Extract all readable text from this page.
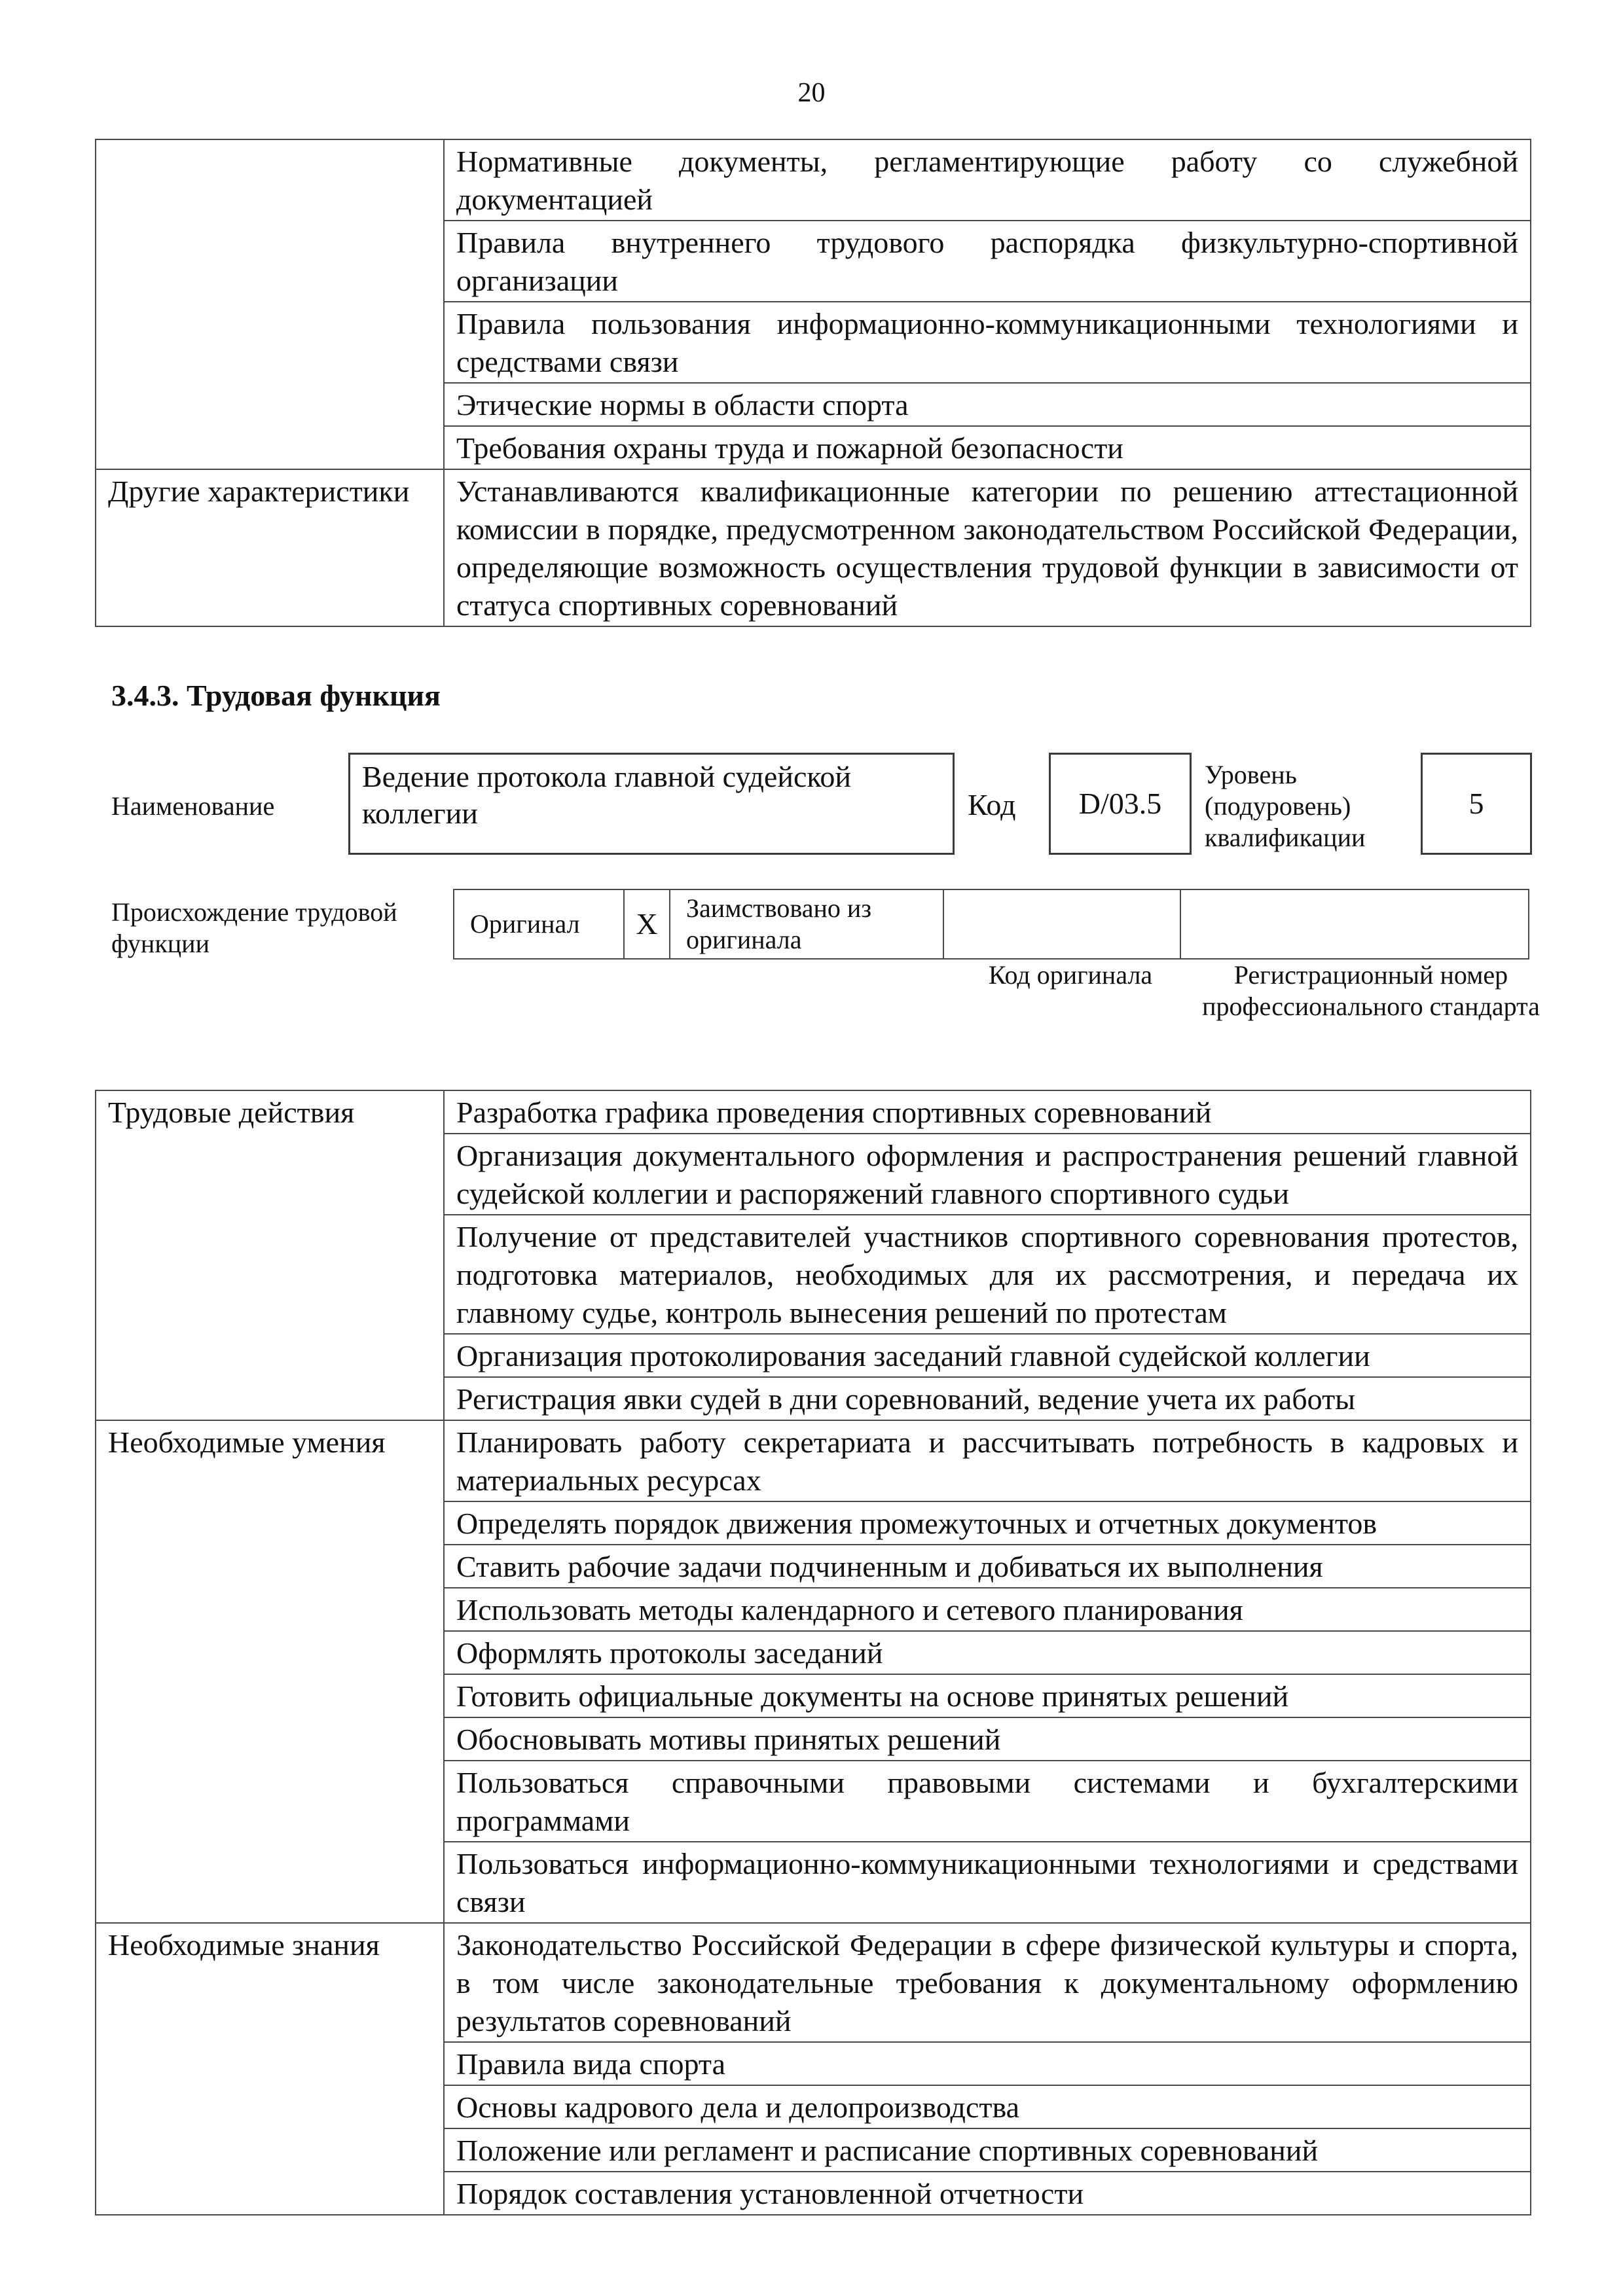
20
	Нормативные документы, регламентирующие работу со служебной документацией
	Правила внутреннего трудового распорядка физкультурно-спортивной организации
	Правила пользования информационно-коммуникационными технологиями и средствами связи
	Этические нормы в области спорта
	Требования охраны труда и пожарной безопасности
Другие характеристики	Устанавливаются квалификационные категории по решению аттестационной комиссии в порядке, предусмотренном законодательством Российской Федерации, определяющие возможность осуществления трудовой функции в зависимости от статуса спортивных соревнований
3.4.3. Трудовая функция
Наименование
Ведение протокола главной судейской коллегии	Код D/03.5
Уровень (подуровень) квалификации
5
Происхождение трудовой функции
Оригинал	X	Заимствовано из оригинала		
Код оригинала	Регистрационный номер профессионального стандарта
Трудовые действия	Разработка графика проведения спортивных соревнований
	Организация документального оформления и распространения решений главной судейской коллегии и распоряжений главного спортивного судьи
	Получение от представителей участников спортивного соревнования протестов, подготовка материалов, необходимых для их рассмотрения, и передача их главному судье, контроль вынесения решений по протестам
	Организация протоколирования заседаний главной судейской коллегии
	Регистрация явки судей в дни соревнований, ведение учета их работы
Необходимые умения	Планировать работу секретариата и рассчитывать потребность в кадровых и материальных ресурсах
	Определять порядок движения промежуточных и отчетных документов
	Ставить рабочие задачи подчиненным и добиваться их выполнения
	Использовать методы календарного и сетевого планирования
	Оформлять протоколы заседаний
	Готовить официальные документы на основе принятых решений
	Обосновывать мотивы принятых решений
	Пользоваться справочными правовыми системами и бухгалтерскими программами
	Пользоваться информационно-коммуникационными технологиями и средствами связи
Необходимые знания	Законодательство Российской Федерации в сфере физической культуры и спорта, в том числе законодательные требования к документальному оформлению результатов соревнований
	Правила вида спорта
	Основы кадрового дела и делопроизводства
	Положение или регламент и расписание спортивных соревнований
	Порядок составления установленной отчетности
